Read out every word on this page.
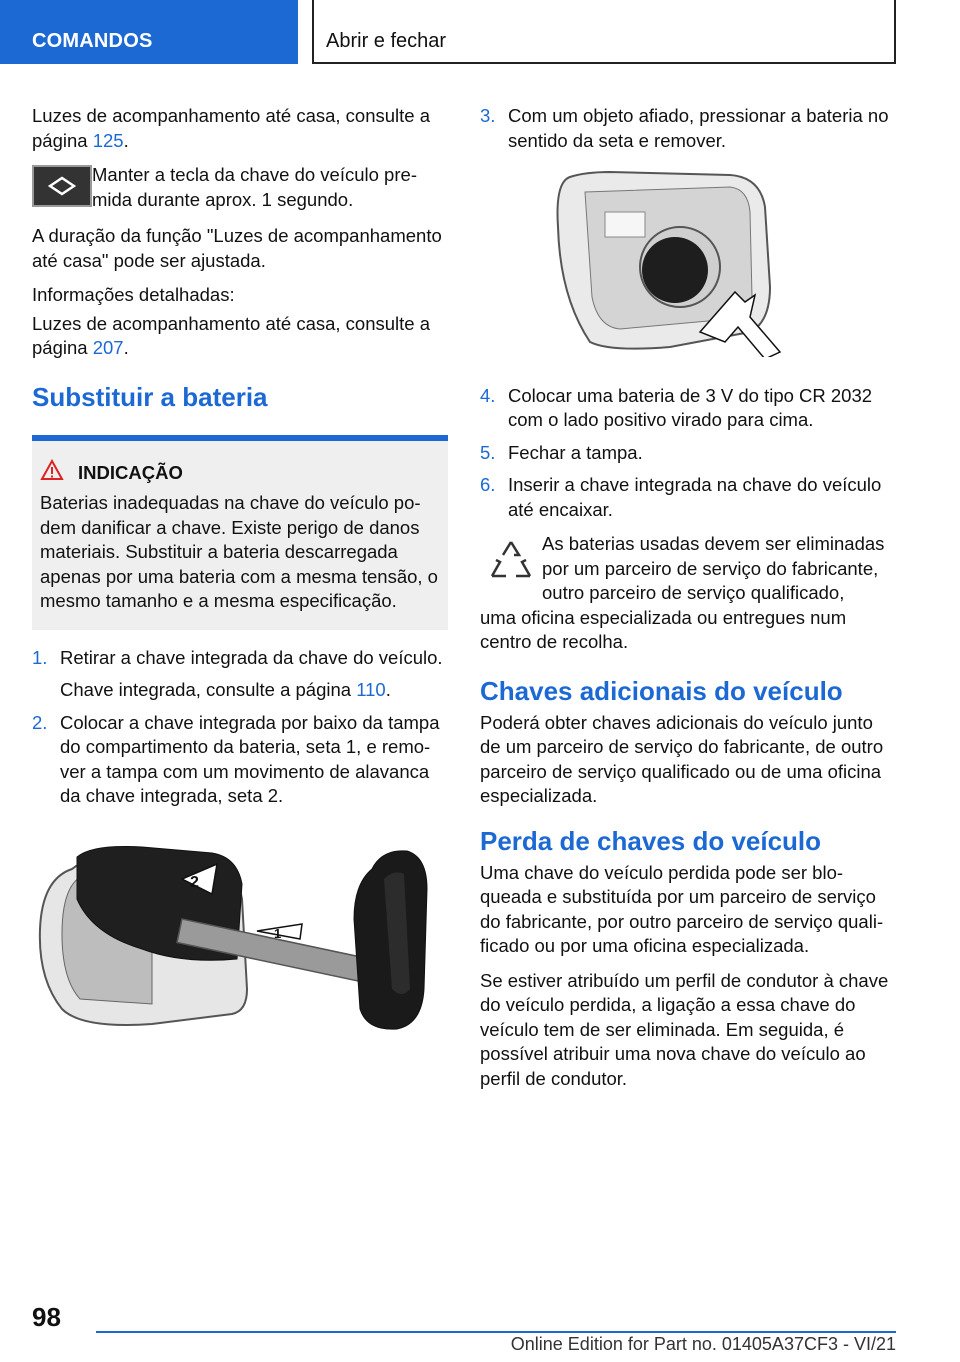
COMANDOS	Abrir e fechar

Luzes de acompanhamento até casa, consulte a página 125.

Manter a tecla da chave do veículo premida durante aprox. 1 segundo.

A duração da função "Luzes de acompanhamento até casa" pode ser ajustada.

Informações detalhadas:

Luzes de acompanhamento até casa, consulte a página 207.

Substituir a bateria
INDICAÇÃO

Baterias inadequadas na chave do veículo podem danificar a chave. Existe perigo de danos materiais. Substituir a bateria descarregada apenas por uma bateria com a mesma tensão, o mesmo tamanho e a mesma especificação.

1. Retirar a chave integrada da chave do veículo.

Chave integrada, consulte a página 110.

2. Colocar a chave integrada por baixo da tampa do compartimento da bateria, seta 1, e remover a tampa com um movimento de alavanca da chave integrada, seta 2.
2
1
3. Com um objeto afiado, pressionar a bateria no sentido da seta e remover.
4. Colocar uma bateria de 3 V do tipo CR 2032 com o lado positivo virado para cima.
5. Fechar a tampa.
6. Inserir a chave integrada na chave do veículo até encaixar.

As baterias usadas devem ser eliminadas por um parceiro de serviço do fabricante, outro parceiro de serviço qualificado,

uma oficina especializada ou entregues num centro de recolha.

Chaves adicionais do veículo

Poderá obter chaves adicionais do veículo junto de um parceiro de serviço do fabricante, de outro parceiro de serviço qualificado ou de uma oficina especializada.

Perda de chaves do veículo

Uma chave do veículo perdida pode ser bloqueada e substituída por um parceiro de serviço do fabricante, por outro parceiro de serviço qualificado ou por uma oficina especializada.

Se estiver atribuído um perfil de condutor à chave do veículo perdida, a ligação a essa chave do veículo tem de ser eliminada. Em seguida, é possível atribuir uma nova chave do veículo ao perfil de condutor.

98
Online Edition for Part no. 01405A37CF3 - VI/21
